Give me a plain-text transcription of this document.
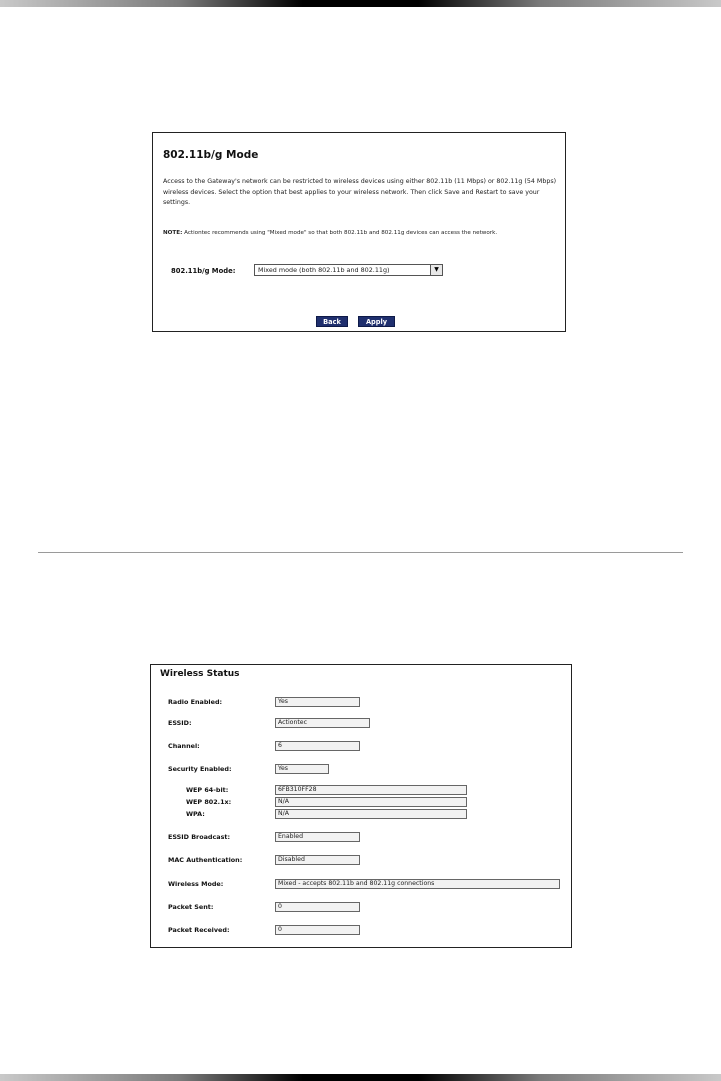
802.11b/g Mode
Access to the Gateway's network can be restricted to wireless devices using either 802.11b (11 Mbps) or 802.11g (54 Mbps) wireless devices. Select the option that best applies to your wireless network. Then click Save and Restart to save your settings.
NOTE: Actiontec recommends using "Mixed mode" so that both 802.11b and 802.11g devices can access the network.
802.11b/g Mode:	Mixed mode (both 802.11b and 802.11g)	▼
Back	Apply
Wireless Status
Radio Enabled:	Yes
ESSID:	Actiontec
Channel:	6
Security Enabled:	Yes
WEP 64-bit:	6FB310FF28
WEP 802.1x:	N/A
WPA:	N/A
ESSID Broadcast:	Enabled
MAC Authentication:	Disabled
Wireless Mode:	Mixed - accepts 802.11b and 802.11g connections
Packet Sent:	0
Packet Received:	0
